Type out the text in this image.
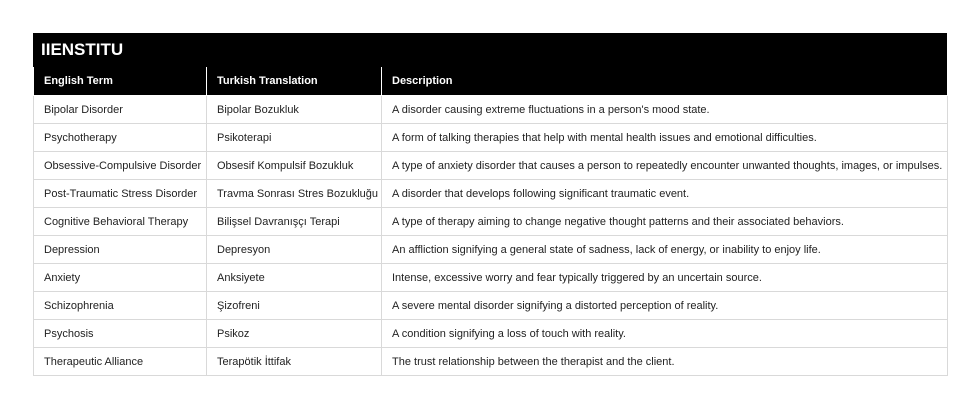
IIENSTITU
English Term	Turkish Translation	Description
Bipolar Disorder	Bipolar Bozukluk	A disorder causing extreme fluctuations in a person's mood state.
Psychotherapy	Psikoterapi	A form of talking therapies that help with mental health issues and emotional difficulties.
Obsessive-Compulsive Disorder	Obsesif Kompulsif Bozukluk	A type of anxiety disorder that causes a person to repeatedly encounter unwanted thoughts, images, or impulses.
Post-Traumatic Stress Disorder	Travma Sonrası Stres Bozukluğu	A disorder that develops following significant traumatic event.
Cognitive Behavioral Therapy	Bilişsel Davranışçı Terapi	A type of therapy aiming to change negative thought patterns and their associated behaviors.
Depression	Depresyon	An affliction signifying a general state of sadness, lack of energy, or inability to enjoy life.
Anxiety	Anksiyete	Intense, excessive worry and fear typically triggered by an uncertain source.
Schizophrenia	Şizofreni	A severe mental disorder signifying a distorted perception of reality.
Psychosis	Psikoz	A condition signifying a loss of touch with reality.
Therapeutic Alliance	Terapötik İttifak	The trust relationship between the therapist and the client.
